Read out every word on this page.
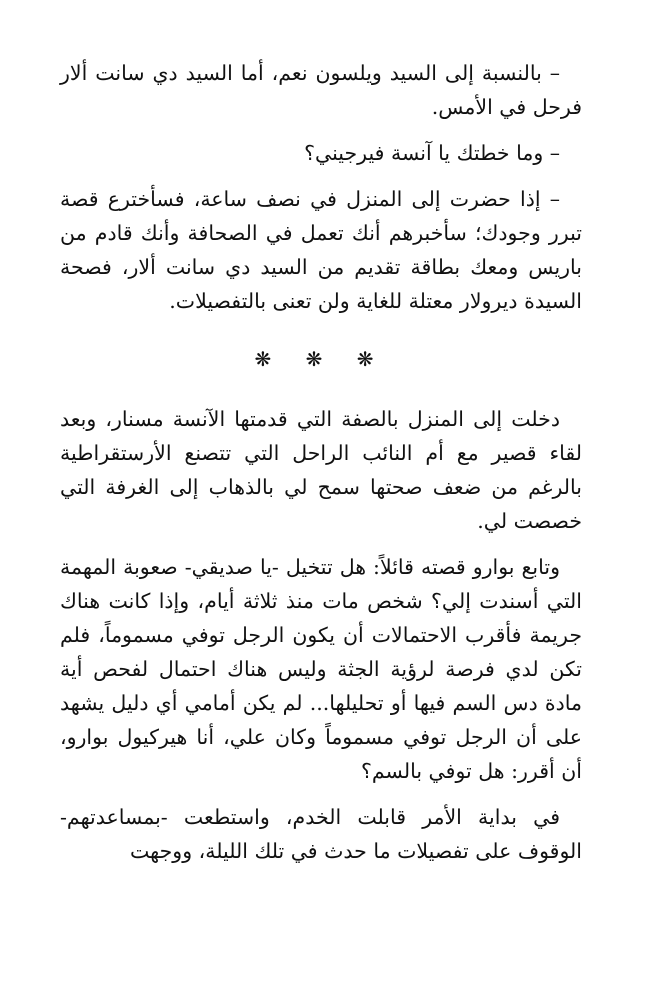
– بالنسبة إلى السيد ويلسون نعم، أما السيد دي سانت ألار فرحل في الأمس.

– وما خطتك يا آنسة فيرجيني؟

– إذا حضرت إلى المنزل في نصف ساعة، فسأخترع قصة تبرر وجودك؛ سأخبرهم أنك تعمل في الصحافة وأنك قادم من باريس ومعك بطاقة تقديم من السيد دي سانت ألار، فصحة السيدة ديرولار معتلة للغاية ولن تعنى بالتفصيلات.

❋ ❋ ❋

دخلت إلى المنزل بالصفة التي قدمتها الآنسة مسنار، وبعد لقاء قصير مع أم النائب الراحل التي تتصنع الأرستقراطية بالرغم من ضعف صحتها سمح لي بالذهاب إلى الغرفة التي خصصت لي.

وتابع بوارو قصته قائلاً: هل تتخيل -يا صديقي- صعوبة المهمة التي أسندت إلي؟ شخص مات منذ ثلاثة أيام، وإذا كانت هناك جريمة فأقرب الاحتمالات أن يكون الرجل توفي مسموماً، فلم تكن لدي فرصة لرؤية الجثة وليس هناك احتمال لفحص أية مادة دس السم فيها أو تحليلها... لم يكن أمامي أي دليل يشهد على أن الرجل توفي مسموماً وكان علي، أنا هيركيول بوارو، أن أقرر: هل توفي بالسم؟

في بداية الأمر قابلت الخدم، واستطعت -بمساعدتهم- الوقوف على تفصيلات ما حدث في تلك الليلة، ووجهت
